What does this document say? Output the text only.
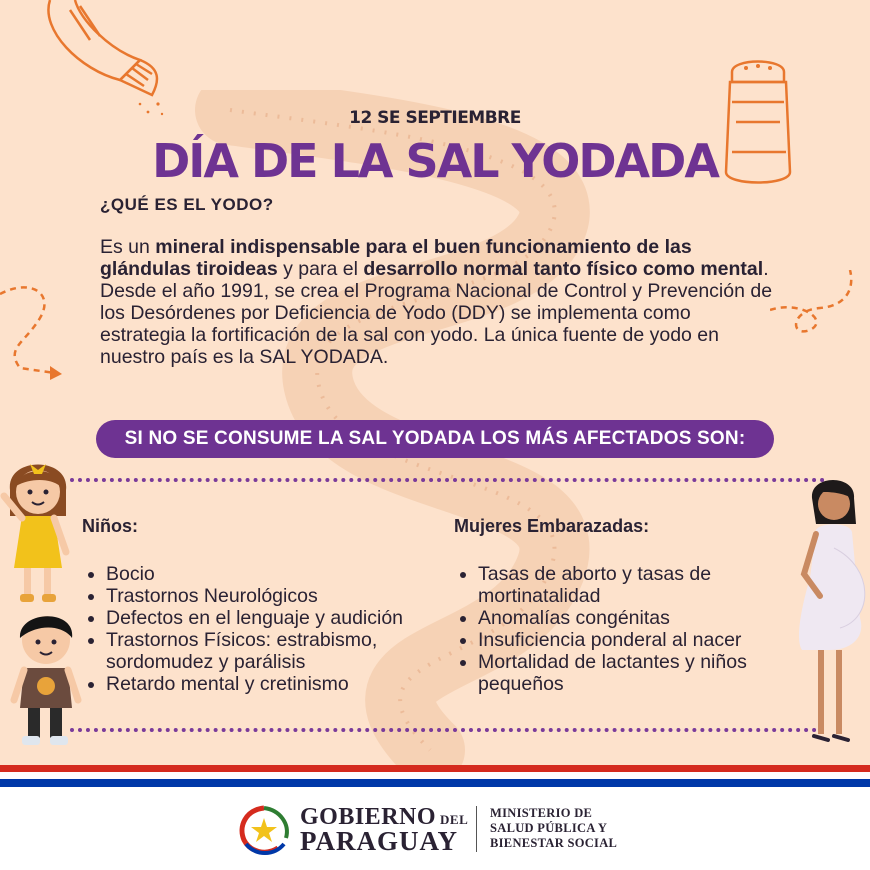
12 SE SEPTIEMBRE
DÍA DE LA SAL YODADA
¿QUÉ ES EL YODO?
Es un mineral indispensable para el buen funcionamiento de las glándulas tiroideas y para el desarrollo normal tanto físico como mental. Desde el año 1991, se crea el Programa Nacional de Control y Prevención de los Desórdenes por Deficiencia de Yodo (DDY) se implementa como estrategia la fortificación de la sal con yodo. La única fuente de yodo en nuestro país es la SAL YODADA.
SI NO SE CONSUME LA SAL YODADA LOS MÁS AFECTADOS SON:
Niños:
• Bocio
• Trastornos Neurológicos
• Defectos en el lenguaje y audición
• Trastornos Físicos: estrabismo, sordomudez y parálisis
• Retardo mental y cretinismo
Mujeres Embarazadas:
• Tasas de aborto y tasas de mortinatalidad
• Anomalías congénitas
• Insuficiencia ponderal al nacer
• Mortalidad de lactantes y niños pequeños
GOBIERNO DEL
PARAGUAY
MINISTERIO DE
SALUD PÚBLICA Y
BIENESTAR SOCIAL
